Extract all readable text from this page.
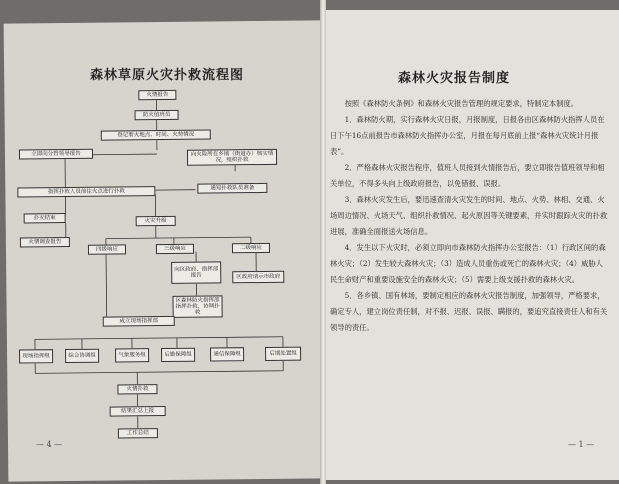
火情报告
防火值班员
登记着火地点、时间、火势情况
立即向分管领导报告	向火险所在乡镇（街道办）核实情况，组织扑救
指挥扑救人员前往火点进行扑救
通知扑救队员准备
扑灭结束
火情调查报告
火灾升级
四级响应	三级响应	二级响应
向区政府、指挥部报告	区政府请示市政府
区森林防火指挥部指挥扑救，协调扑救
成立现场指挥部
现场指挥组	综合协调组	气象服务组	后勤保障组	通信保障组	后期处置组
火情扑救
结果汇总上报
工作总结
森林草原火灾扑救流程图
— 4 —
森林火灾报告制度

按照《森林防火条例》和森林火灾报告管理的规定要求，特制定本制度。

1．森林防火期，实行森林火灾日报，月报制度，日报各由区森林防火指挥人员在日下午16点前报告市森林防火指挥办公室，月报在每月底前上报“森林火灾统计月报表”。

2．严格森林火灾报告程序，值班人员接到火情报告后，要立即报告值班领导和相关单位，不得多头向上级政府报告，以免错报、误报。

3．森林火灾发生后，要迅速查清火灾发生的时间、地点、火势、林相、交通、火场周边情况、火场天气、组织扑救情况、起火原因等关键要素，并实时跟踪火灾的扑救进展，准确全面报送火场信息。

4．发生以下火灾时，必须立即向市森林防火指挥办公室报告：（1）行政区间的森林火灾；（2）发生较大森林火灾；（3）造成人员重伤或死亡的森林火灾；（4）威胁人民生命财产和重要设施安全的森林火灾；（5）需要上级支援扑救的森林火灾。

5．各乡镇、国有林场，要制定相应的森林火灾报告制度，加强领导，严格要求，确定专人，建立岗位责任制，对不报、迟报、误报、瞒报的，要追究直接责任人和有关领导的责任。

— 1 —
